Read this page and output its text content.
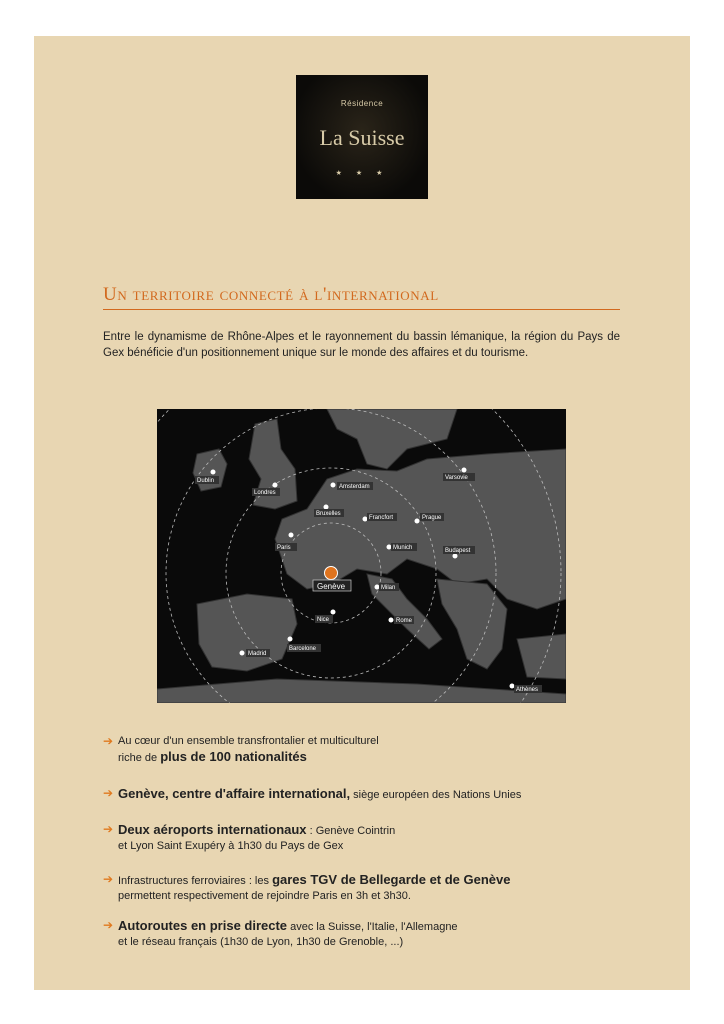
Résidence
La Suisse
★ ★ ★
Un territoire connecté à l'international
Entre le dynamisme de Rhône-Alpes et le rayonnement du bassin lémanique, la région du Pays de Gex bénéficie d'un positionnement unique sur le monde des affaires et du tourisme.
Dublin
Londres
Amsterdam
Varsovie
Bruxelles
Francfort	Prague
Paris	Munich	Budapest
Milan
Nice	Rome
Madrid
Barcelone
Athènes
Genève
➔ Au cœur d'un ensemble transfrontalier et multiculturel
riche de plus de 100 nationalités
➔ Genève, centre d'affaire international, siège européen des Nations Unies
➔ Deux aéroports internationaux : Genève Cointrin
et Lyon Saint Exupéry à 1h30 du Pays de Gex
➔ Infrastructures ferroviaires : les gares TGV de Bellegarde et de Genève
permettent respectivement de rejoindre Paris en 3h et 3h30.
➔ Autoroutes en prise directe avec la Suisse, l'Italie, l'Allemagne
et le réseau français (1h30 de Lyon, 1h30 de Grenoble, ...)
